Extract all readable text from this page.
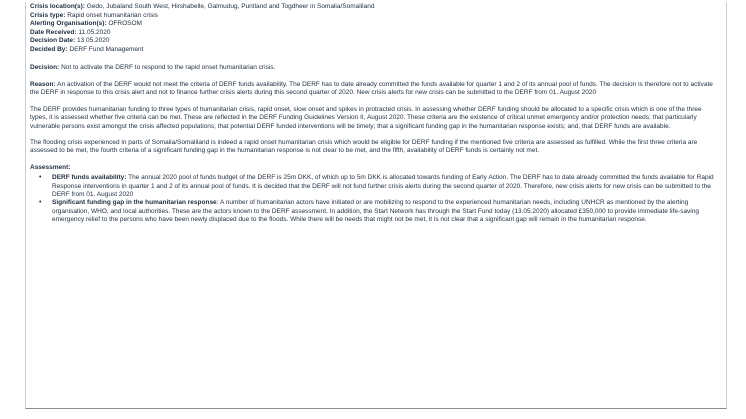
Crisis location(s): Gedo, Jubaland South West, Hirshabelle, Galmudug, Puntland and Togdheer in Somalia/Somaliland

Crisis type: Rapid onset humanitarian crisis

Alerting Organisation(s): OFROSOM

Date Received: 11.05.2020

Decision Date: 13.05.2020

Decided By: DERF Fund Management

Decision: Not to activate the DERF to respond to the rapid onset humanitarian crisis.

Reason: An activation of the DERF would not meet the criteria of DERF funds availability. The DERF has to date already committed the funds available for quarter 1 and 2 of its annual pool of funds. The decision is therefore not to activate the DERF in response to this crisis alert and not to finance further crisis alerts during this second quarter of 2020. New crisis alerts for new crisis can be submitted to the DERF from 01. August 2020

The DERF provides humanitarian funding to three types of humanitarian crisis, rapid onset, slow onset and spikes in protracted crisis. In assessing whether DERF funding should be allocated to a specific crisis which is one of the three types, it is assessed whether five criteria can be met. These are reflected in the DERF Funding Guidelines Version II, August 2020. These criteria are the existence of critical unmet emergency and/or protection needs; that particularly vulnerable persons exist amongst the crisis affected populations; that potential DERF funded interventions will be timely; that a significant funding gap in the humanitarian response exists; and, that DERF funds are available.

The flooding crisis experienced in parts of Somalia/Somaliland is indeed a rapid onset humanitarian crisis which would be eligible for DERF funding if the mentioned five criteria are assessed as fulfilled. While the first three criteria are assessed to be met, the fourth criteria of a significant funding gap in the humanitarian response is not clear to be met, and the fifth, availability of DERF funds is certainly not met.

Assessment:

• DERF funds availability: The annual 2020 pool of funds budget of the DERF is 25m DKK, of which up to 5m DKK is allocated towards funding of Early Action. The DERF has to date already committed the funds available for Rapid Response interventions in quarter 1 and 2 of its annual pool of funds. It is decided that the DERF will not fund further crisis alerts during the second quarter of 2020. Therefore, new crisis alerts for new crisis can be submitted to the DERF from 01. August 2020
• Significant funding gap in the humanitarian response: A number of humanitarian actors have initiated or are mobilizing to respond to the experienced humanitarian needs, including UNHCR as mentioned by the alerting organisation, WHO, and local authorities. These are the actors known to the DERF assessment. In addition, the Start Network has through the Start Fund today (13.05.2020) allocated £350,000 to provide immediate life-saving emergency relief to the persons who have been newly displaced due to the floods. While there will be needs that might not be met, it is not clear that a significant gap will remain in the humanitarian response.
